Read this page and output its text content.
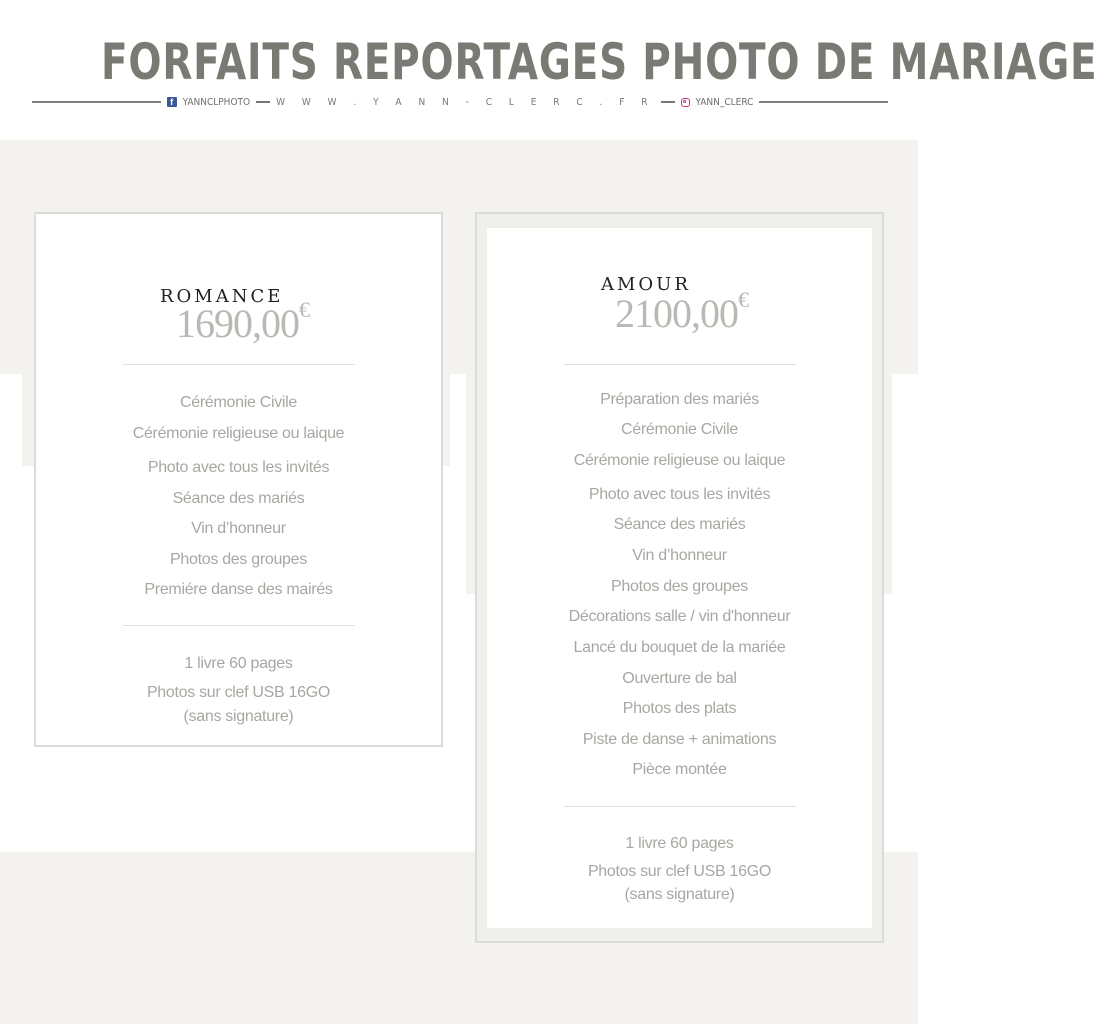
FORFAITS REPORTAGES PHOTO DE MARIAGE
f YANNCLPHOTO	W W W . Y A N N - C L E R C . F R	YANN_CLERC
ROMANCE
1690,00€
Cérémonie Civile
Cérémonie religieuse ou laique
Photo avec tous les invités
Séance des mariés
Vin d’honneur
Photos des groupes
Premiére danse des mairés
1 livre 60 pages
Photos sur clef USB 16GO
(sans signature)
AMOUR
2100,00€
Préparation des mariés
Cérémonie Civile
Cérémonie religieuse ou laique
Photo avec tous les invités
Séance des mariés
Vin d’honneur
Photos des groupes
Décorations salle / vin d'honneur
Lancé du bouquet de la mariée
Ouverture de bal
Photos des plats
Piste de danse + animations
Pièce montée
1 livre 60 pages
Photos sur clef USB 16GO
(sans signature)
